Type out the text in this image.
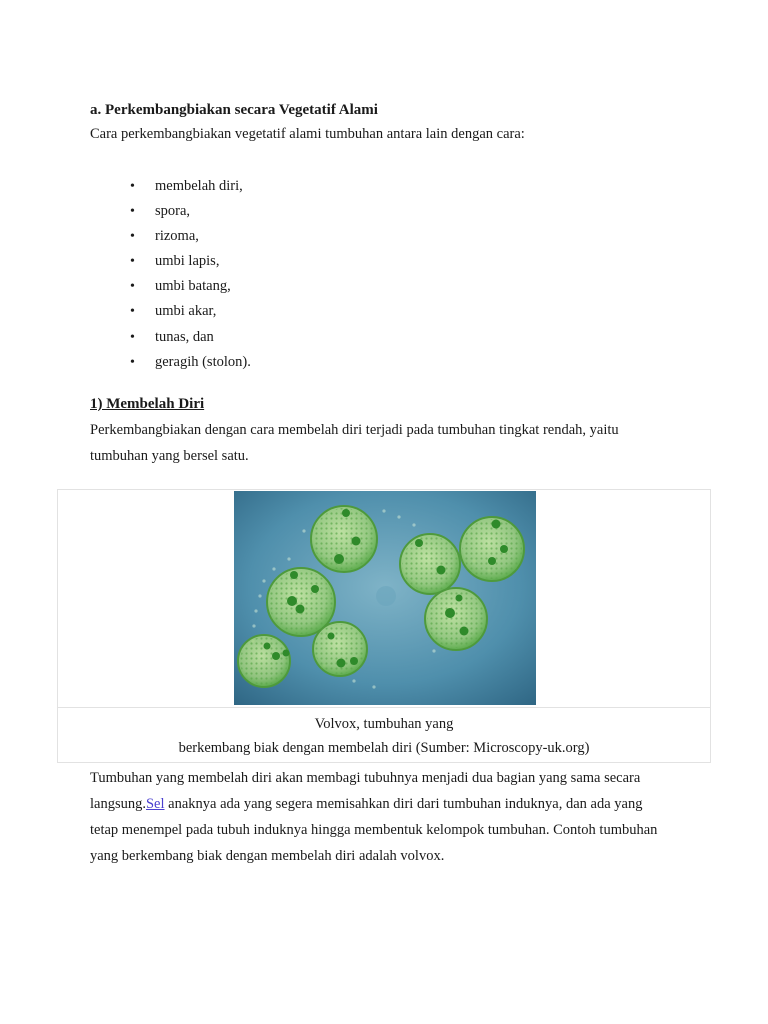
a. Perkembangbiakan secara Vegetatif Alami

Cara perkembangbiakan vegetatif alami tumbuhan antara lain dengan cara:

• membelah diri,
• spora,
• rizoma,
• umbi lapis,
• umbi batang,
• umbi akar,
• tunas, dan
• geragih (stolon).
1) Membelah Diri

Perkembangbiakan dengan cara membelah diri terjadi pada tumbuhan tingkat rendah, yaitu tumbuhan yang bersel satu.

Volvox, tumbuhan yang
berkembang biak dengan membelah diri (Sumber: Microscopy-uk.org)

Tumbuhan yang membelah diri akan membagi tubuhnya menjadi dua bagian yang sama secara langsung.Sel anaknya ada yang segera memisahkan diri dari tumbuhan induknya, dan ada yang tetap menempel pada tubuh induknya hingga membentuk kelompok tumbuhan. Contoh tumbuhan yang berkembang biak dengan membelah diri adalah volvox.
